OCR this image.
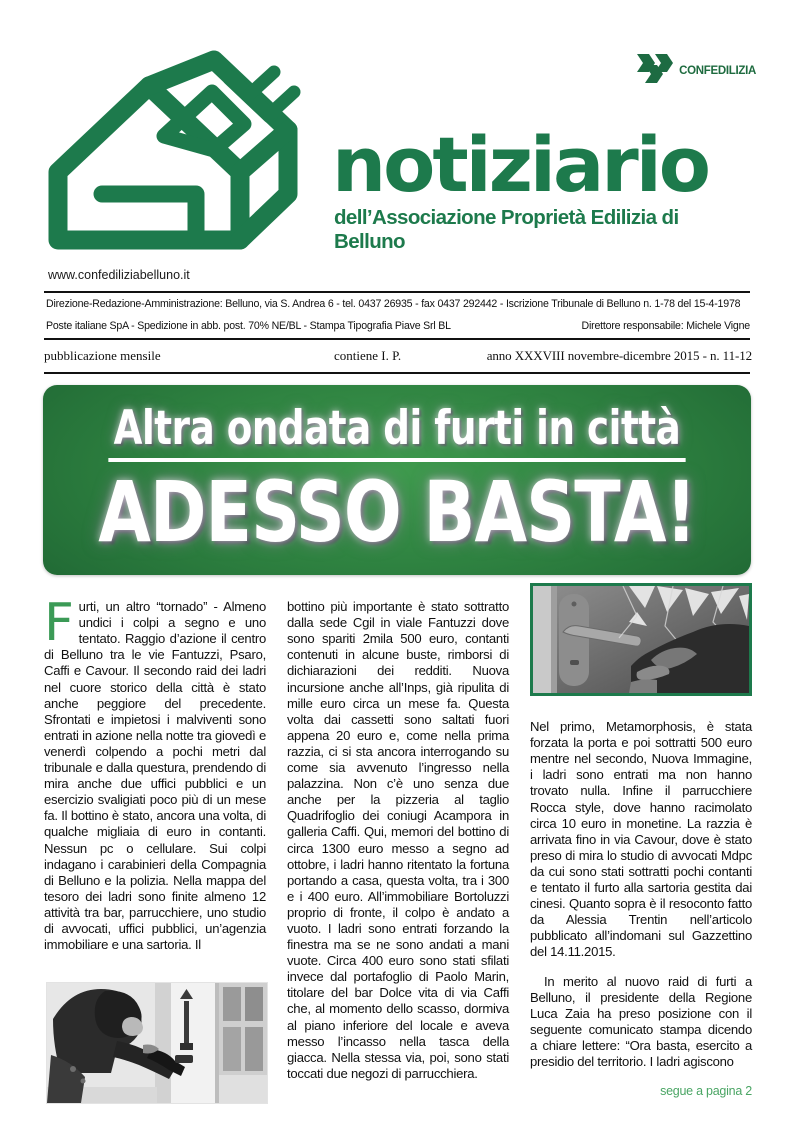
CONFEDILIZIA
notiziario
dell’Associazione Proprietà Edilizia di Belluno
www.confediliziabelluno.it
Direzione-Redazione-Amministrazione: Belluno, via S. Andrea 6 - tel. 0437 26935 - fax 0437 292442 - Iscrizione Tribunale di Belluno n. 1-78 del 15-4-1978
Poste italiane SpA - Spedizione in abb. post. 70% NE/BL - Stampa Tipografia Piave Srl BL	Direttore responsabile: Michele Vigne
pubblicazione mensile	contiene I. P.	anno XXXVIII novembre-dicembre 2015 - n. 11-12
Altra ondata di furti in città
ADESSO BASTA!

Furti, un altro “tornado” - Almeno undici i colpi a segno e uno tentato. Raggio d’azione il centro di Belluno tra le vie Fantuzzi, Psaro, Caffi e Cavour. Il secondo raid dei ladri nel cuore storico della città è stato anche peggiore del precedente. Sfrontati e impietosi i malviventi sono entrati in azione nella notte tra giovedì e venerdì colpendo a pochi metri dal tribunale e dalla questura, prendendo di mira anche due uffici pubblici e un esercizio svaligiati poco più di un mese fa. Il bottino è stato, ancora una volta, di qualche migliaia di euro in contanti. Nessun pc o cellulare. Sui colpi indagano i carabinieri della Compagnia di Belluno e la polizia. Nella mappa del tesoro dei ladri sono finite almeno 12 attività tra bar, parrucchiere, uno studio di avvocati, uffici pubblici, un’agenzia immobiliare e una sartoria. Il

bottino più importante è stato sottratto dalla sede Cgil in viale Fantuzzi dove sono spariti 2mila 500 euro, contanti contenuti in alcune buste, rimborsi di dichiarazioni dei redditi. Nuova incursione anche all’Inps, già ripulita di mille euro circa un mese fa. Questa volta dai cassetti sono saltati fuori appena 20 euro e, come nella prima razzia, ci si sta ancora interrogando su come sia avvenuto l’ingresso nella palazzina. Non c’è uno senza due anche per la pizzeria al taglio Quadrifoglio dei coniugi Acampora in galleria Caffi. Qui, memori del bottino di circa 1300 euro messo a segno ad ottobre, i ladri hanno ritentato la fortuna portando a casa, questa volta, tra i 300 e i 400 euro. All’immobiliare Bortoluzzi proprio di fronte, il colpo è andato a vuoto. I ladri sono entrati forzando la finestra ma se ne sono andati a mani vuote. Circa 400 euro sono stati sfilati invece dal portafoglio di Paolo Marin, titolare del bar Dolce vita di via Caffi che, al momento dello scasso, dormiva al piano inferiore del locale e aveva messo l’incasso nella tasca della giacca. Nella stessa via, poi, sono stati toccati due negozi di parrucchiera.

Nel primo, Metamorphosis, è stata forzata la porta e poi sottratti 500 euro mentre nel secondo, Nuova Immagine, i ladri sono entrati ma non hanno trovato nulla. Infine il parrucchiere Rocca style, dove hanno racimolato circa 10 euro in monetine. La razzia è arrivata fino in via Cavour, dove è stato preso di mira lo studio di avvocati Mdpc da cui sono stati sottratti pochi contanti e tentato il furto alla sartoria gestita dai cinesi. Quanto sopra è il resoconto fatto da Alessia Trentin nell’articolo pubblicato all’indomani sul Gazzettino del 14.11.2015.

In merito al nuovo raid di furti a Belluno, il presidente della Regione Luca Zaia ha preso posizione con il seguente comunicato stampa dicendo a chiare lettere: “Ora basta, esercito a presidio del territorio. I ladri agiscono

segue a pagina 2
